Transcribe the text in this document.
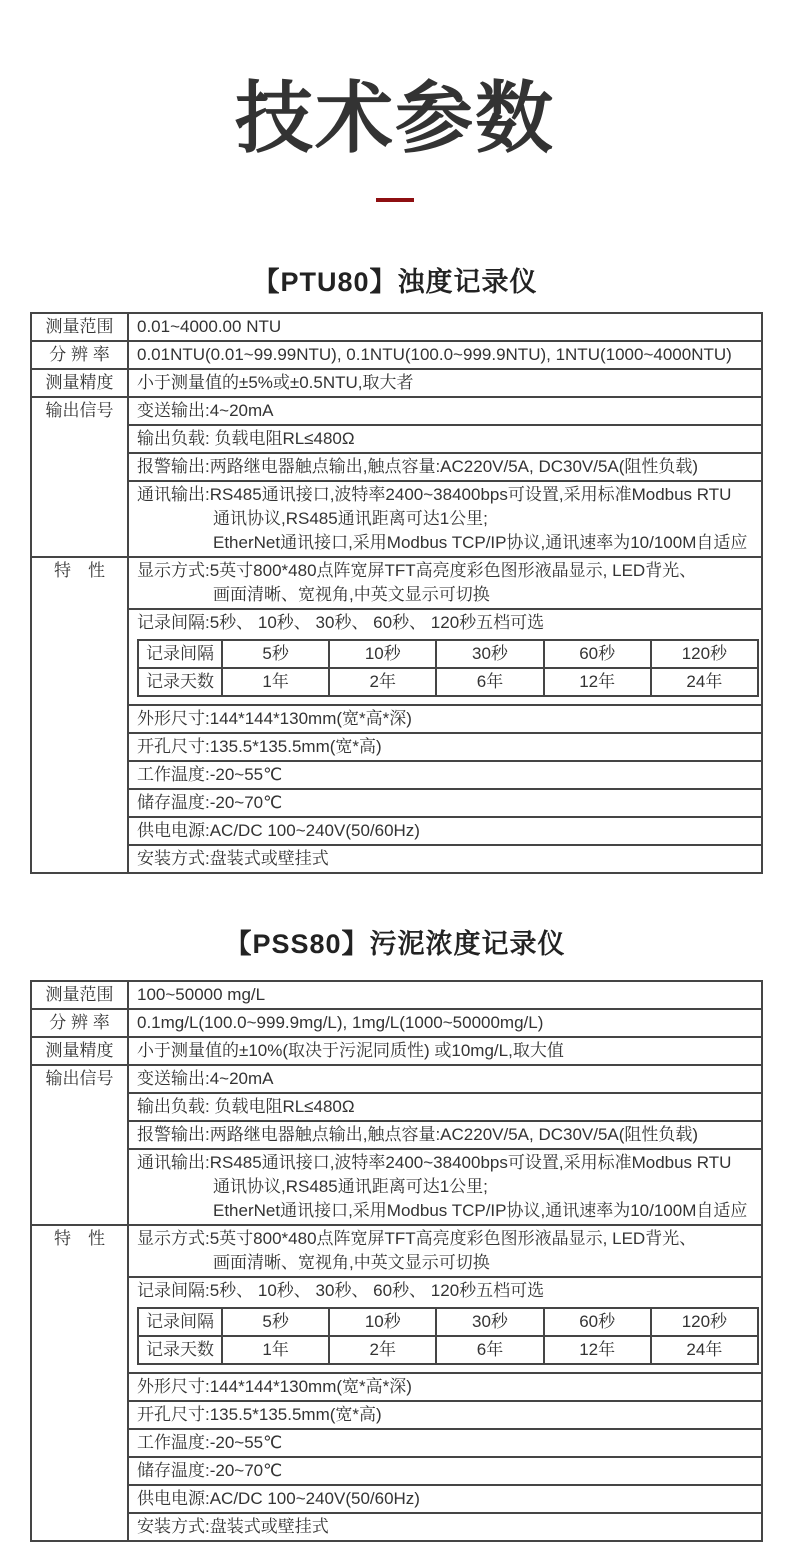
技术参数
【PTU80】浊度记录仪
测量范围	0.01~4000.00 NTU
分 辨 率	0.01NTU(0.01~99.99NTU), 0.1NTU(100.0~999.9NTU), 1NTU(1000~4000NTU)
测量精度	小于测量值的±5%或±0.5NTU,取大者
输出信号	变送输出:4~20mA
输出负载: 负载电阻RL≤480Ω
报警输出:两路继电器触点输出,触点容量:AC220V/5A, DC30V/5A(阻性负载)

通讯输出:RS485通讯接口,波特率2400~38400bps可设置,采用标准Modbus RTU
通讯协议,RS485通讯距离可达1公里;
EtherNet通讯接口,采用Modbus TCP/IP协议,通讯速率为10/100M自适应

特　性	显示方式:5英寸800*480点阵宽屏TFT高亮度彩色图形液晶显示, LED背光、
画面清晰、宽视角,中英文显示可切换

记录间隔:5秒、 10秒、 30秒、 60秒、 120秒五档可选
记录间隔	5秒	10秒	30秒	60秒	120秒
记录天数	1年	2年	6年	12年	24年

外形尺寸:144*144*130mm(宽*高*深)
开孔尺寸:135.5*135.5mm(宽*高)
工作温度:-20~55℃
储存温度:-20~70℃
供电电源:AC/DC 100~240V(50/60Hz)
安装方式:盘装式或壁挂式
【PSS80】污泥浓度记录仪
测量范围	100~50000 mg/L
分 辨 率	0.1mg/L(100.0~999.9mg/L), 1mg/L(1000~50000mg/L)
测量精度	小于测量值的±10%(取决于污泥同质性) 或10mg/L,取大值
输出信号	变送输出:4~20mA
输出负载: 负载电阻RL≤480Ω
报警输出:两路继电器触点输出,触点容量:AC220V/5A, DC30V/5A(阻性负载)

通讯输出:RS485通讯接口,波特率2400~38400bps可设置,采用标准Modbus RTU
通讯协议,RS485通讯距离可达1公里;
EtherNet通讯接口,采用Modbus TCP/IP协议,通讯速率为10/100M自适应

特　性	显示方式:5英寸800*480点阵宽屏TFT高亮度彩色图形液晶显示, LED背光、
画面清晰、宽视角,中英文显示可切换

记录间隔:5秒、 10秒、 30秒、 60秒、 120秒五档可选
记录间隔	5秒	10秒	30秒	60秒	120秒
记录天数	1年	2年	6年	12年	24年

外形尺寸:144*144*130mm(宽*高*深)
开孔尺寸:135.5*135.5mm(宽*高)
工作温度:-20~55℃
储存温度:-20~70℃
供电电源:AC/DC 100~240V(50/60Hz)
安装方式:盘装式或壁挂式
